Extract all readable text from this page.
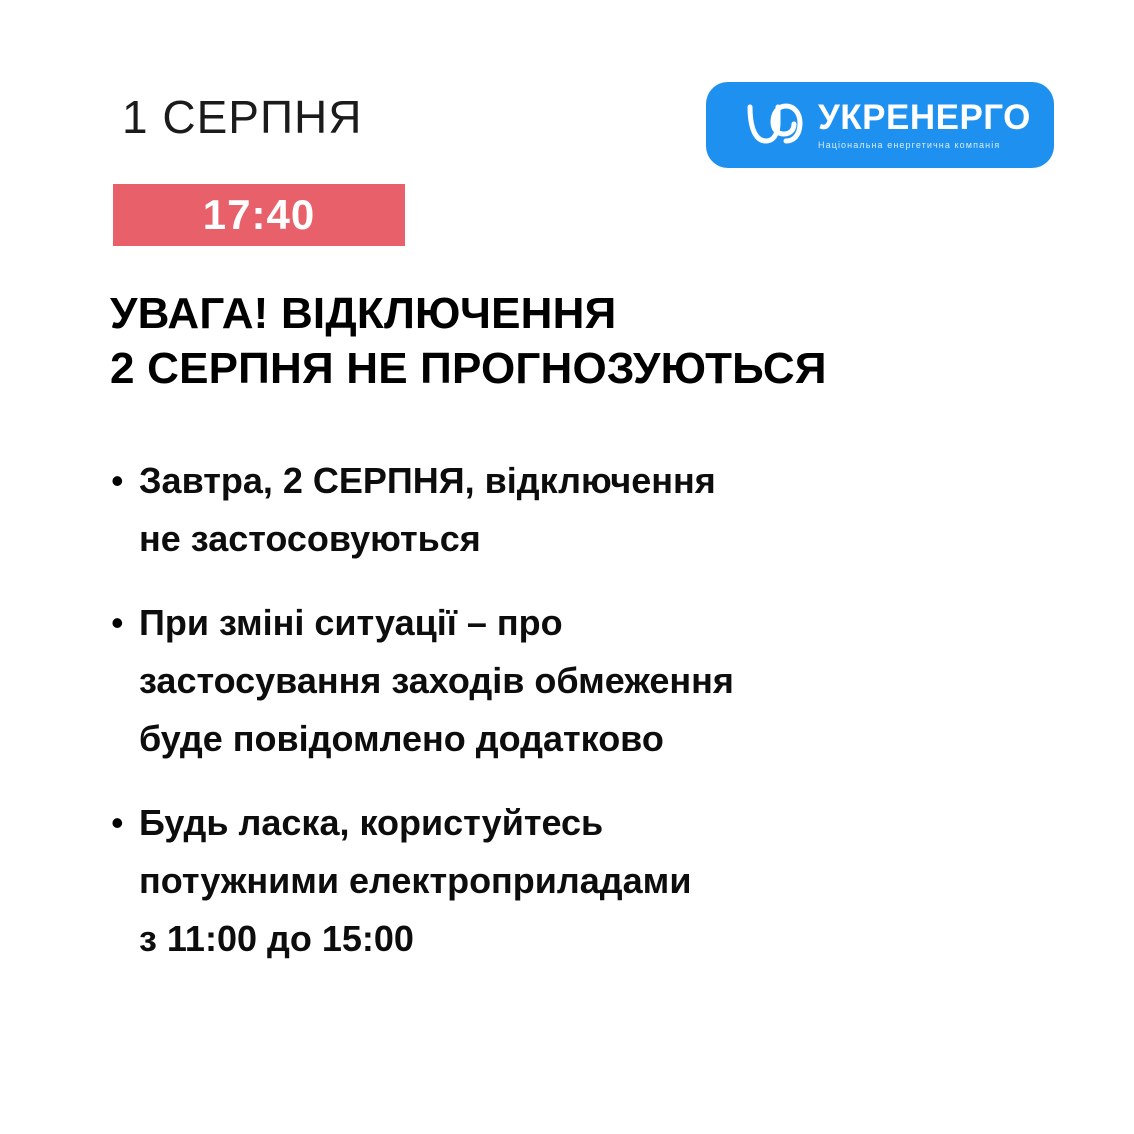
1 СЕРПНЯ	УКРЕНЕРГО
Національна енергетична компанія
17:40
УВАГА! ВІДКЛЮЧЕННЯ
2 СЕРПНЯ НЕ ПРОГНОЗУЮТЬСЯ
• Завтра, 2 СЕРПНЯ, відключення
не застосовуються
• При зміні ситуації – про
застосування заходів обмеження
буде повідомлено додатково
• Будь ласка, користуйтесь
потужними електроприладами
з 11:00 до 15:00
